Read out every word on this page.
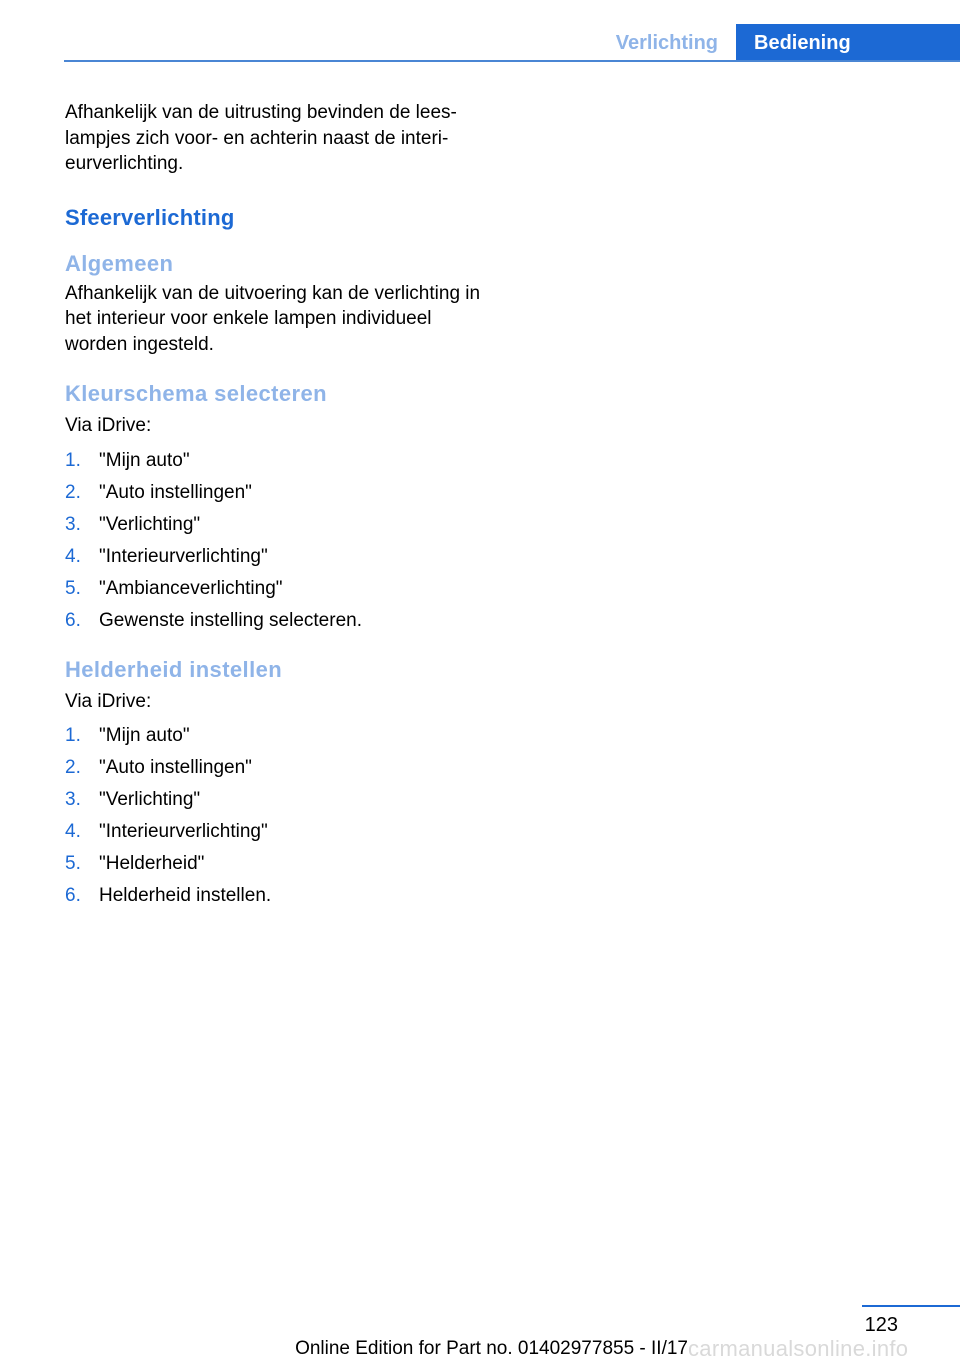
Verlichting	Bediening

Afhankelijk van de uitrusting bevinden de leeslampjes zich voor- en achterin naast de interieurverlichting.

Sfeerverlichting
Algemeen

Afhankelijk van de uitvoering kan de verlichting in het interieur voor enkele lampen individueel worden ingesteld.

Kleurschema selecteren

Via iDrive:

1. "Mijn auto"
2. "Auto instellingen"
3. "Verlichting"
4. "Interieurverlichting"
5. "Ambianceverlichting"
6. Gewenste instelling selecteren.
Helderheid instellen

Via iDrive:

1. "Mijn auto"
2. "Auto instellingen"
3. "Verlichting"
4. "Interieurverlichting"
5. "Helderheid"
6. Helderheid instellen.
123
carmanualsonline.info
Online Edition for Part no. 01402977855 - II/17
